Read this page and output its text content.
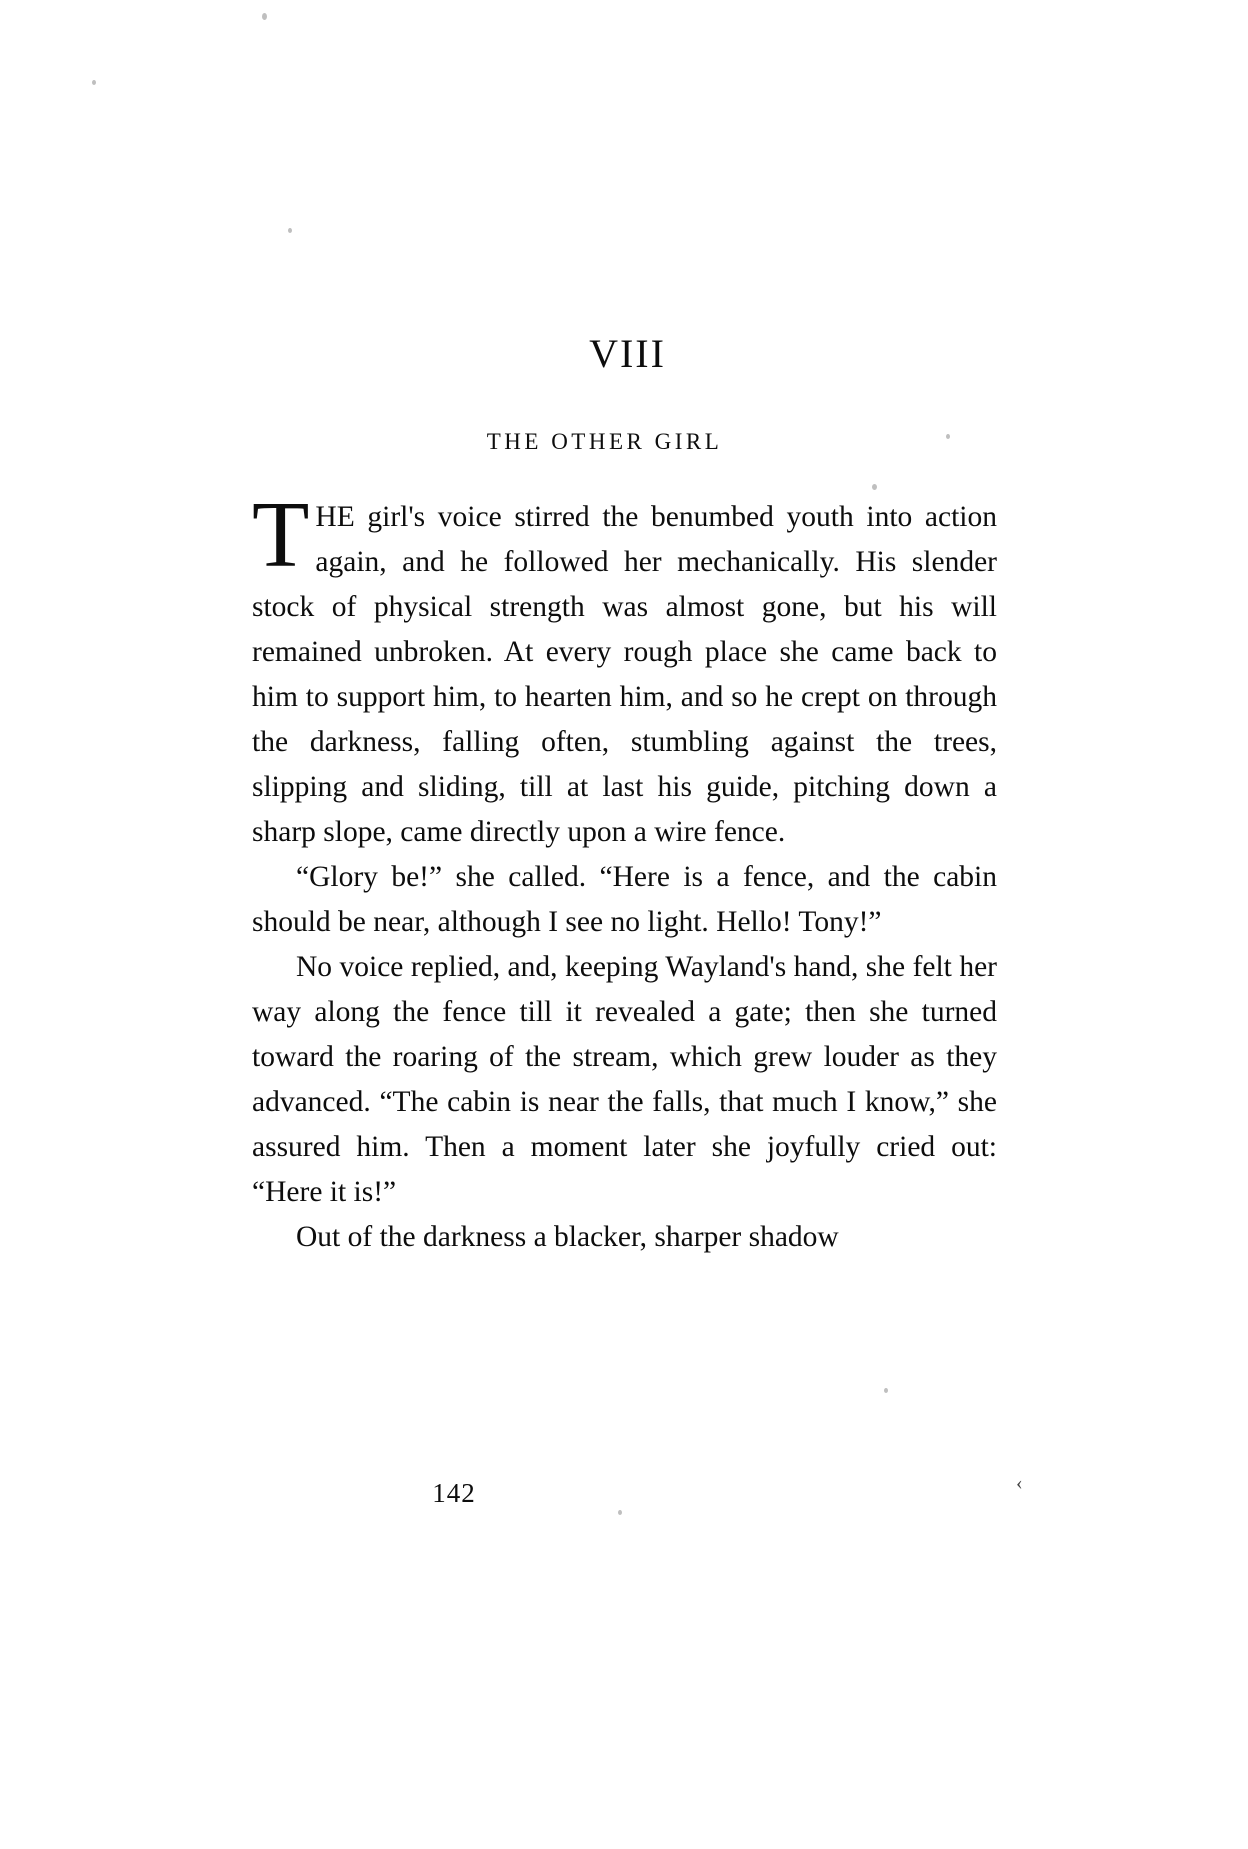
VIII
THE OTHER GIRL

THE girl's voice stirred the benumbed youth into action again, and he followed her mechanically. His slender stock of physical strength was almost gone, but his will remained unbroken. At every rough place she came back to him to support him, to hearten him, and so he crept on through the darkness, falling often, stumbling against the trees, slipping and sliding, till at last his guide, pitching down a sharp slope, came directly upon a wire fence.

“Glory be!” she called. “Here is a fence, and the cabin should be near, although I see no light. Hello! Tony!”

No voice replied, and, keeping Wayland's hand, she felt her way along the fence till it revealed a gate; then she turned toward the roaring of the stream, which grew louder as they advanced. “The cabin is near the falls, that much I know,” she assured him. Then a moment later she joyfully cried out: “Here it is!”

Out of the darkness a blacker, sharper shadow

‹
142
